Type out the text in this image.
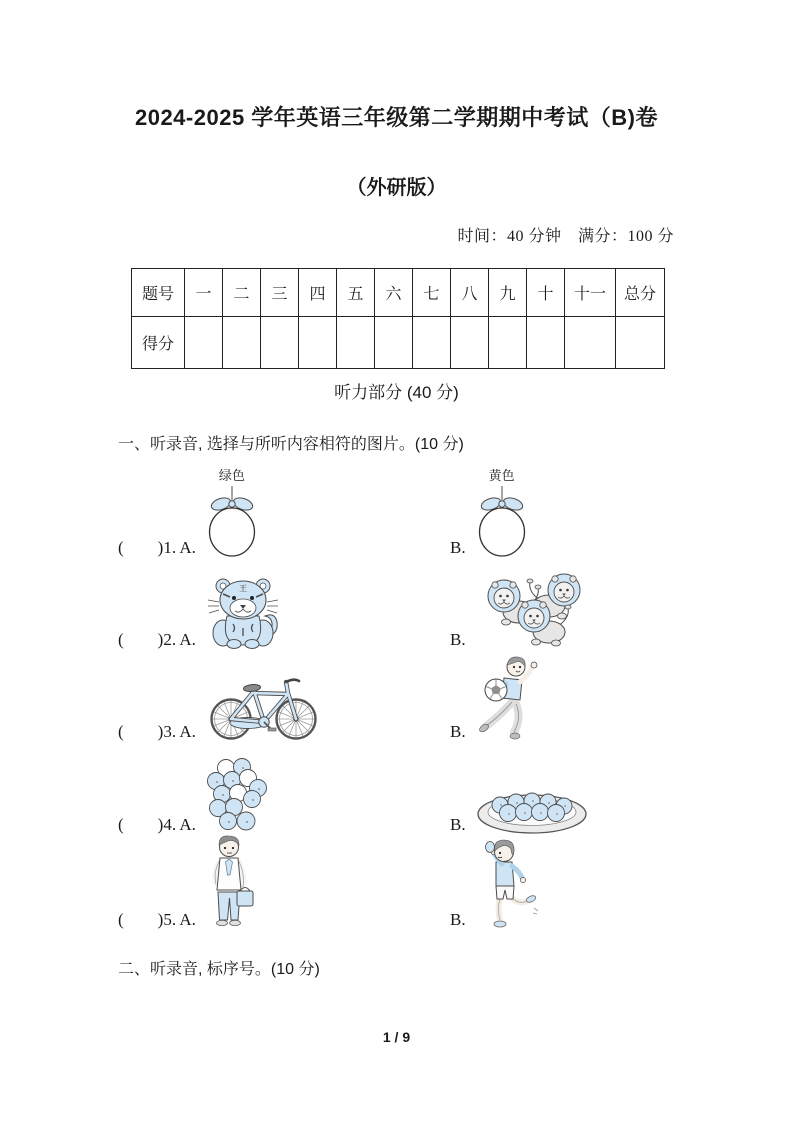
2024-2025 学年英语三年级第二学期期中考试（B)卷
（外研版）
时间：40 分钟　满分：100 分
题号	一	二	三	四	五	六	七	八	九	十	十一	总分
得分												
听力部分 (40 分)
一、听录音, 选择与所听内容相符的图片。(10 分)
(　　)1. A.
绿色
B.
黄色
(　　)2. A.
王
B.
(　　)3. A.	B.
(　　)4. A.	B.
(　　)5. A.	B.
二、听录音, 标序号。(10 分)
1 / 9
